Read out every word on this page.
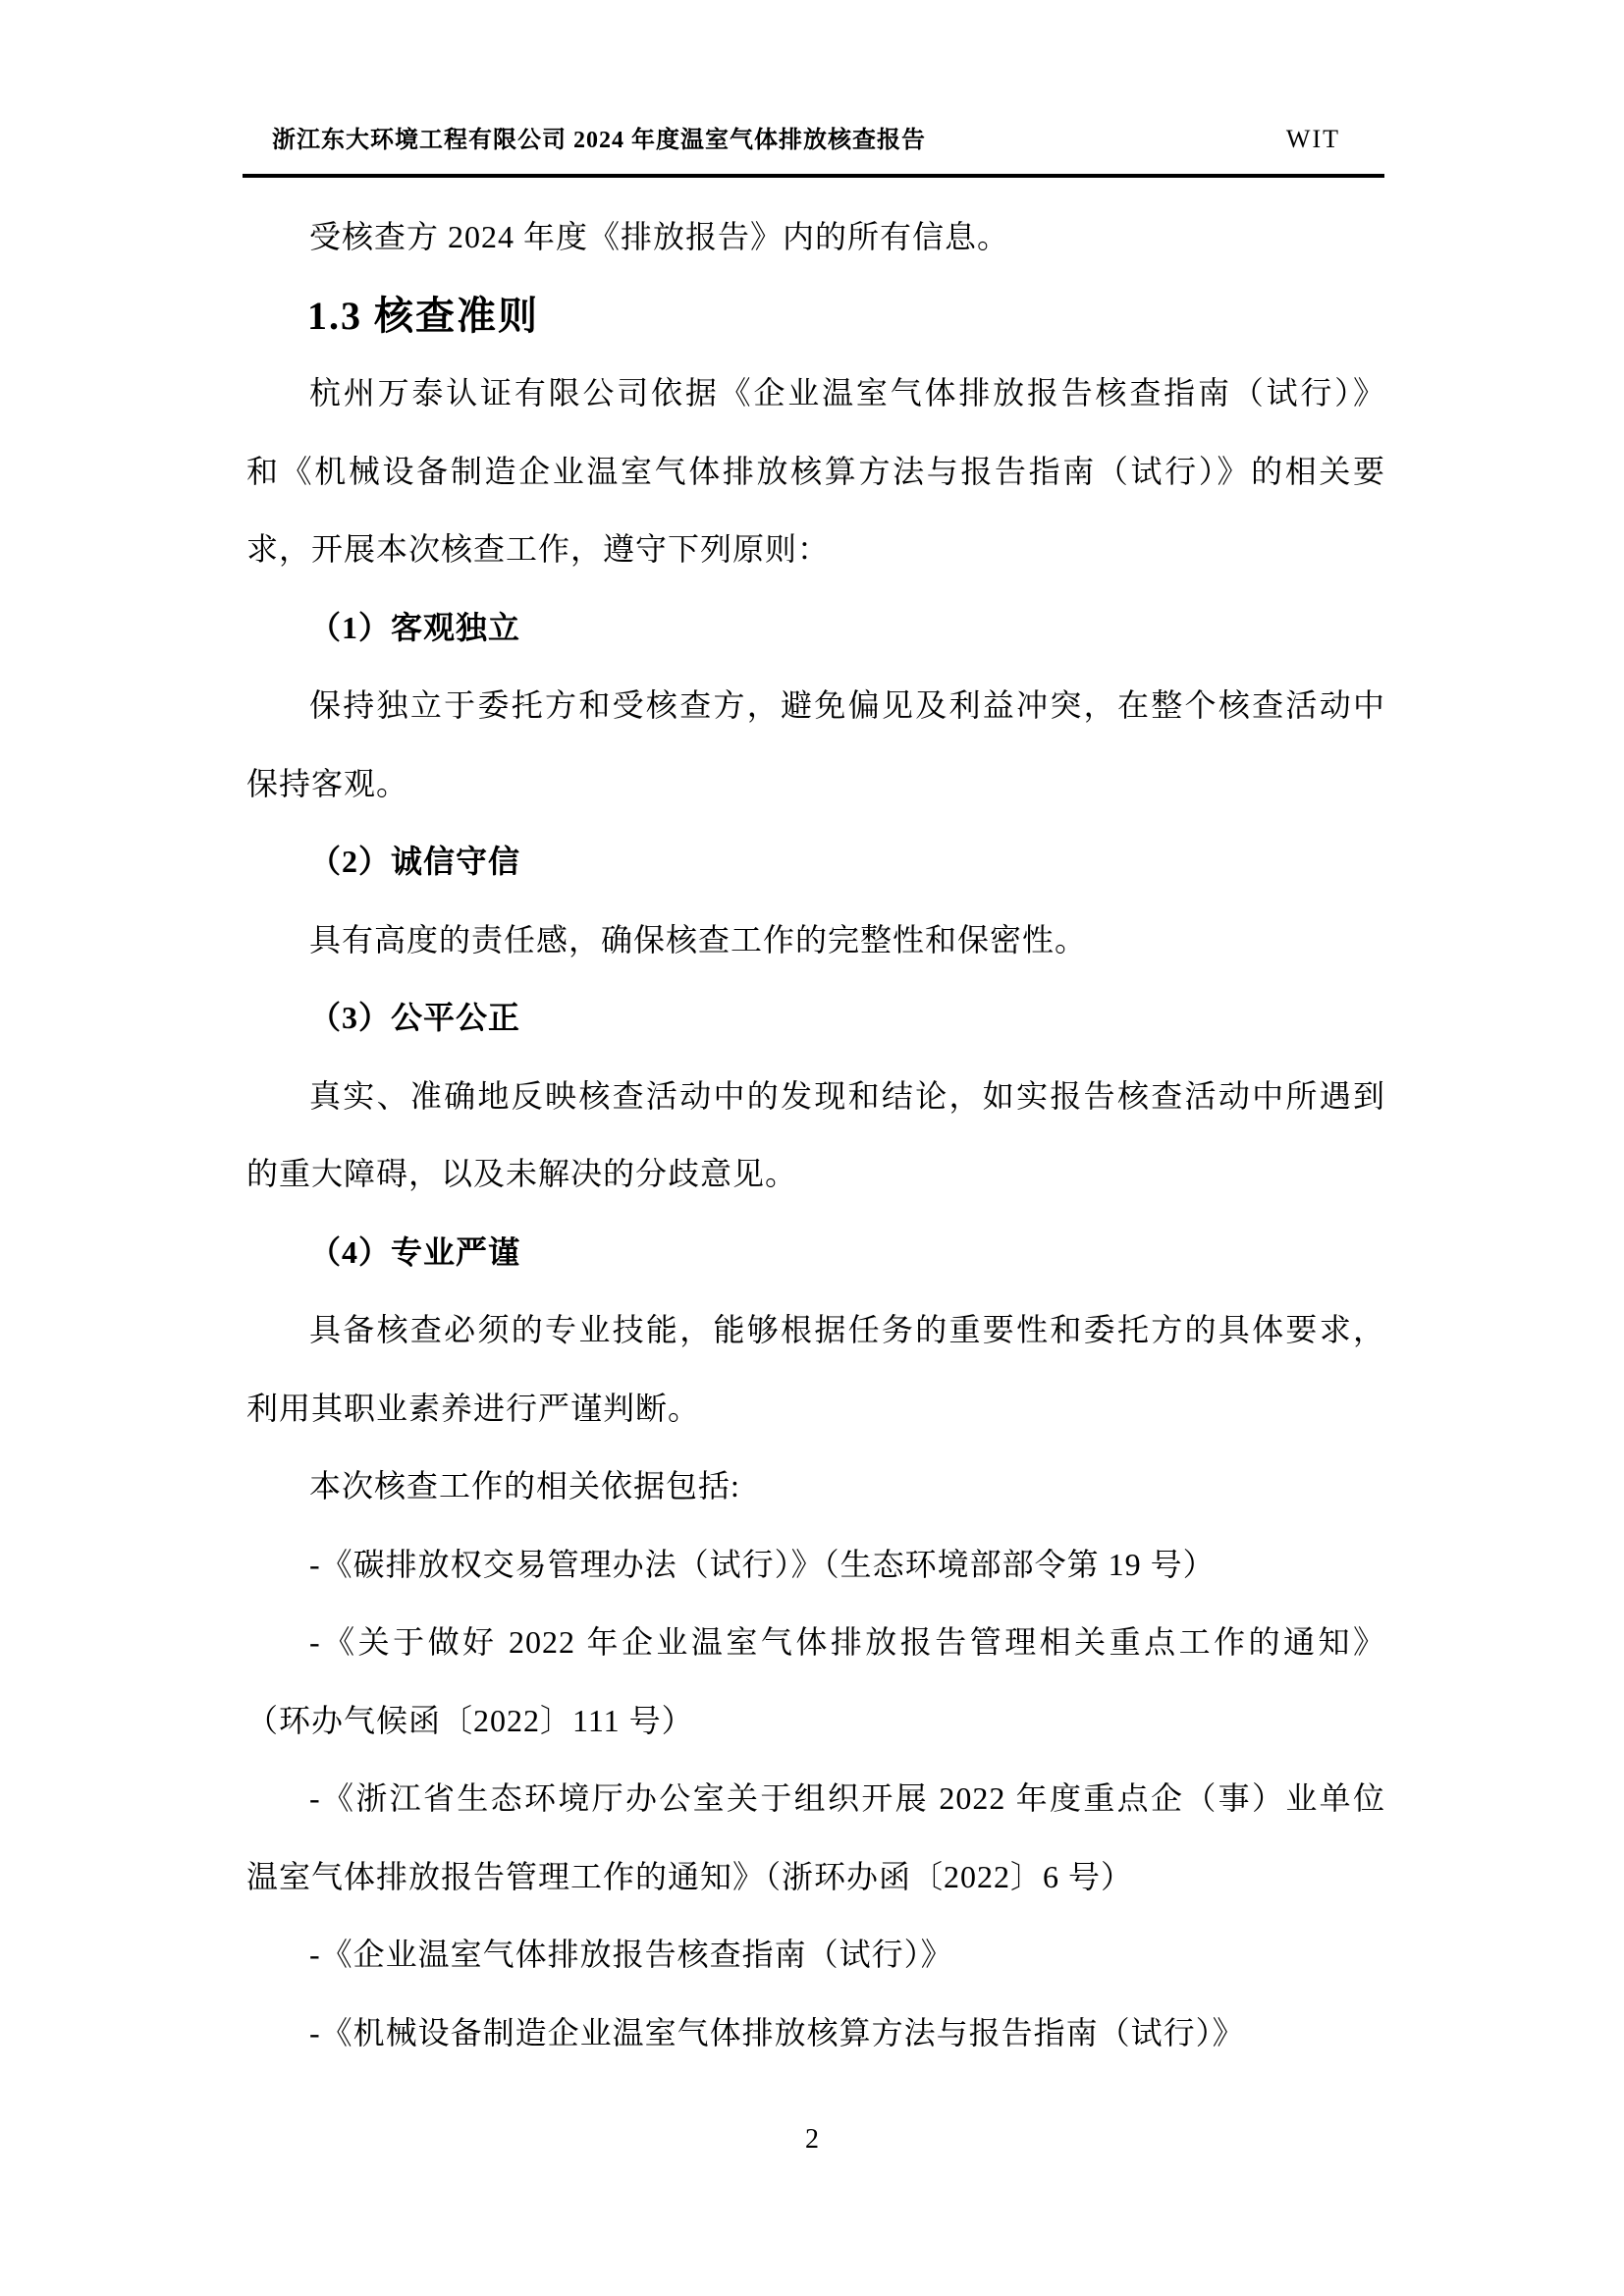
浙江东大环境工程有限公司 2024 年度温室气体排放核查报告	WIT
受核查方 2024 年度《排放报告》内的所有信息。
1.3 核查准则
杭州万泰认证有限公司依据《企业温室气体排放报告核查指南（试行）》
和《机械设备制造企业温室气体排放核算方法与报告指南（试行）》的相关要
求，开展本次核查工作，遵守下列原则：
（1）客观独立
保持独立于委托方和受核查方，避免偏见及利益冲突，在整个核查活动中
保持客观。
（2）诚信守信
具有高度的责任感，确保核查工作的完整性和保密性。
（3）公平公正
真实、准确地反映核查活动中的发现和结论，如实报告核查活动中所遇到
的重大障碍，以及未解决的分歧意见。
（4）专业严谨
具备核查必须的专业技能，能够根据任务的重要性和委托方的具体要求，
利用其职业素养进行严谨判断。
本次核查工作的相关依据包括:
-《碳排放权交易管理办法（试行）》（生态环境部部令第 19 号）
-《关于做好 2022 年企业温室气体排放报告管理相关重点工作的通知》
（环办气候函〔2022〕111 号）
-《浙江省生态环境厅办公室关于组织开展 2022 年度重点企（事）业单位
温室气体排放报告管理工作的通知》（浙环办函〔2022〕6 号）
-《企业温室气体排放报告核查指南（试行）》
-《机械设备制造企业温室气体排放核算方法与报告指南（试行）》
2
